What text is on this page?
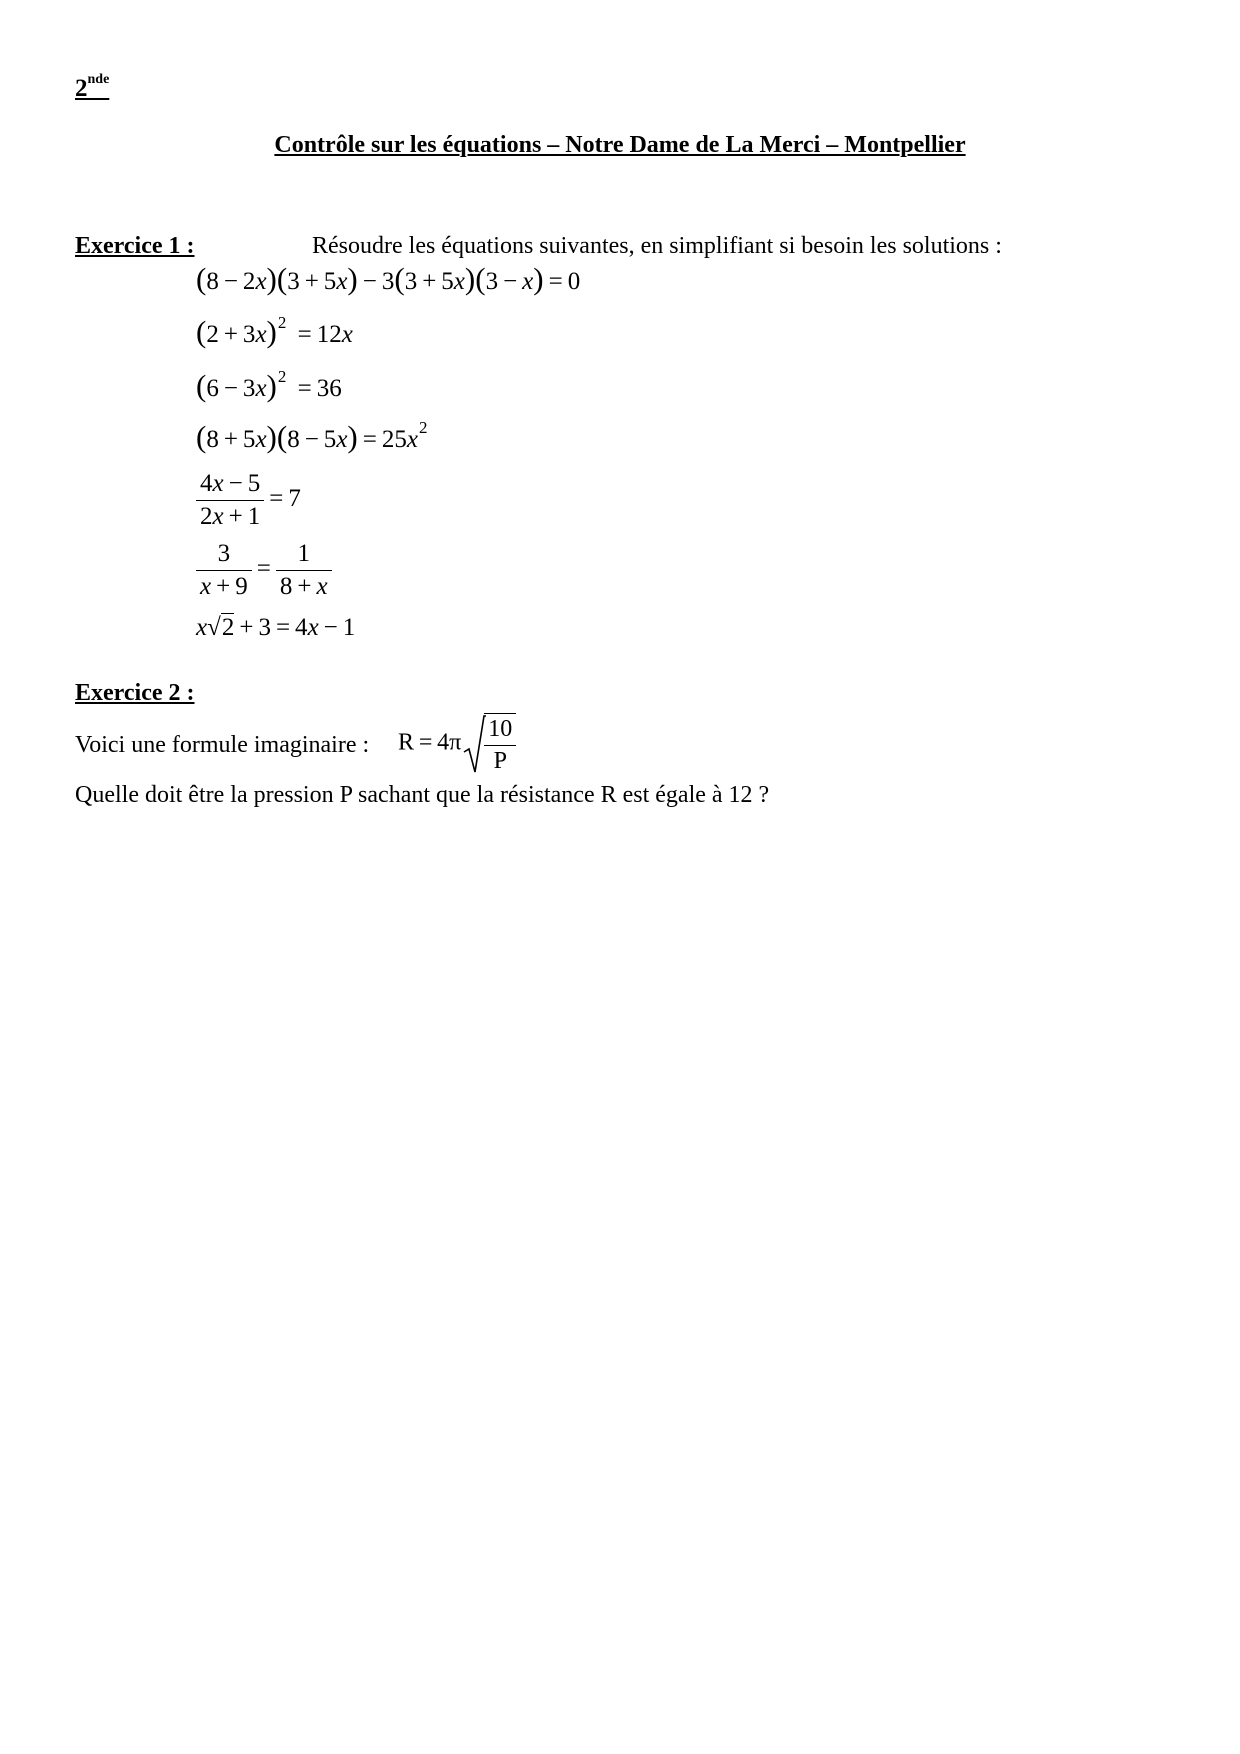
2nde
Contrôle sur les équations – Notre Dame de La Merci – Montpellier
Exercice 1 :	Résoudre les équations suivantes, en simplifiant si besoin les solutions :
(8 − 2x)(3 + 5x) − 3(3 + 5x)(3 − x) = 0
$(2 + 3x)^2 = 12x$
$(6 - 3x)^2 = 36$
$(8 + 5x)(8 - 5x) = 25x^2$
$\frac{4x - 5}{2x + 1} = 7$
$\frac{3}{x + 9} = \frac{1}{8 + x}$
x√2 + 3 = 4x − 1
Exercice 2 :
Voici une formule imaginaire : $R = 4\pi \frac{10}{P}$
Quelle doit être la pression P sachant que la résistance R est égale à 12 ?
